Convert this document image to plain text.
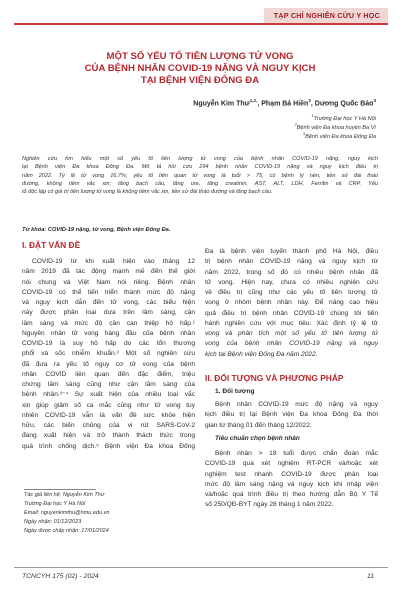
TẠP CHÍ NGHIÊN CỨU Y HỌC
MỘT SỐ YẾU TỐ TIÊN LƯỢNG TỬ VONG
CỦA BỆNH NHÂN COVID-19 NẶNG VÀ NGUY KỊCH
TẠI BỆNH VIỆN ĐỐNG ĐA
Nguyễn Kim Thư$^{1,2,}$, Phạm Bá Hiền$^2$, Dương Quốc Bảo$^3$
$^1$Trường Đại học Y Hà Nội
$^2$Bệnh viện Đa khoa huyện Ba Vì
$^3$Bệnh viện Đa khoa Đống Đa
Nghiên cứu tìm hiểu một số yếu tố tiên lượng tử vong của bệnh nhân COVID-19 nặng, nguy kịch
tại Bệnh viện Đa khoa Đống Đa. Mô tả hồi cứu 294 bệnh nhân COVID-19 nặng và nguy kịch điều trị
năm 2022. Tỷ lệ tử vong 16,7%; yếu tố tiên quan tử vong là tuổi > 75, có bệnh lý nền, tiền sử đái tháo
đường, không tiêm vắc xin; tăng bạch cầu, tăng ure, tăng creatinin, AST, ALT, LDH, Ferritin và CRP. Yếu
tố độc lập có giá trị tiên lượng tử vong là không tiêm vắc xin, tiền sử đái tháo đường và tăng bạch cầu.
Từ khóa: COVID-19 nặng, tử vong, Bệnh viện Đống Đa.
I. ĐẶT VẤN ĐỀ
COVID-19 từ khi xuất hiện vào tháng 12
năm 2019 đã tác động mạnh mẽ đến thế giới
nói chung và Việt Nam nói riêng. Bệnh nhân
COVID-19 có thể tiến triển thành mức độ nặng
và nguy kịch dẫn đến tử vong, các biểu hiện
này được phân loại dựa trên lâm sàng, cận
lâm sàng và mức độ cần can thiệp hô hấp.¹
Nguyên nhân tử vong hàng đầu của bệnh nhân
COVID-19 là suy hô hấp do các tổn thương
phổi và sốc nhiễm khuẩn.² Một số nghiên cứu
đã đưa ra yếu tố nguy cơ tử vong của bệnh
nhân COVID liên quan đến đặc điểm, triệu
chứng lâm sàng cũng như cận lâm sàng của
bệnh nhân.³⁻⁴ Sự xuất hiện của nhiều loại vắc
xin giúp giảm số ca mắc cũng như tử vong tuy
nhiên COVID-19 vẫn là vấn đề sức khỏe hiện
hữu, các biến chủng của vi rút SARS-CoV-2
đang xuất hiện và trở thành thách thức trong
quá trình chống dịch.⁵ Bệnh viện Đa khoa Đống
Tác giả liên hệ: Nguyễn Kim Thư
Trường Đại học Y Hà Nội
Email: nguyenkimthu@hmu.edu.vn
Ngày nhận: 01/12/2023
Ngày được chấp nhận: 17/01/2024
Đa là bệnh viện tuyến thành phố Hà Nội, điều
trị bệnh nhân COVID-19 nặng và nguy kịch từ
năm 2022, trong số đó có nhiều bệnh nhân đã
tử vong. Hiện nay, chưa có nhiều nghiên cứu
về điều trị cũng như các yếu tố tiên lượng tử
vong ở nhóm bệnh nhân này. Để nâng cao hiệu
quả điều trị bệnh nhân COVID-19 chúng tôi tiến
hành nghiên cứu với mục tiêu: Xác định tỷ lệ tử
vong và phân tích một số yếu tố tiên lượng tử
vong của bệnh nhân COVID-19 nặng và nguy
kịch tại Bệnh viện Đống Đa năm 2022.
II. ĐỐI TƯỢNG VÀ PHƯƠNG PHÁP
1. Đối tượng
Bệnh nhân COVID-19 mức độ nặng và nguy
kịch điều trị tại Bệnh viện Đa khoa Đống Đa thời
gian từ tháng 01 đến tháng 12/2022.
Tiêu chuẩn chọn bệnh nhân
Bệnh nhân > 18 tuổi được chẩn đoán mắc
COVID-19 qua xét nghiệm RT-PCR và/hoặc xét
nghiệm test nhanh COVID-19 được phân loại
mức độ lâm sàng nặng và nguy kịch khi nhập viện
và/hoặc quá trình điều trị theo hướng dẫn Bộ Y Tế
số 250/QĐ-BYT ngày 28 tháng 1 năm 2022.
TCNCYH 175 (02) - 2024	11
